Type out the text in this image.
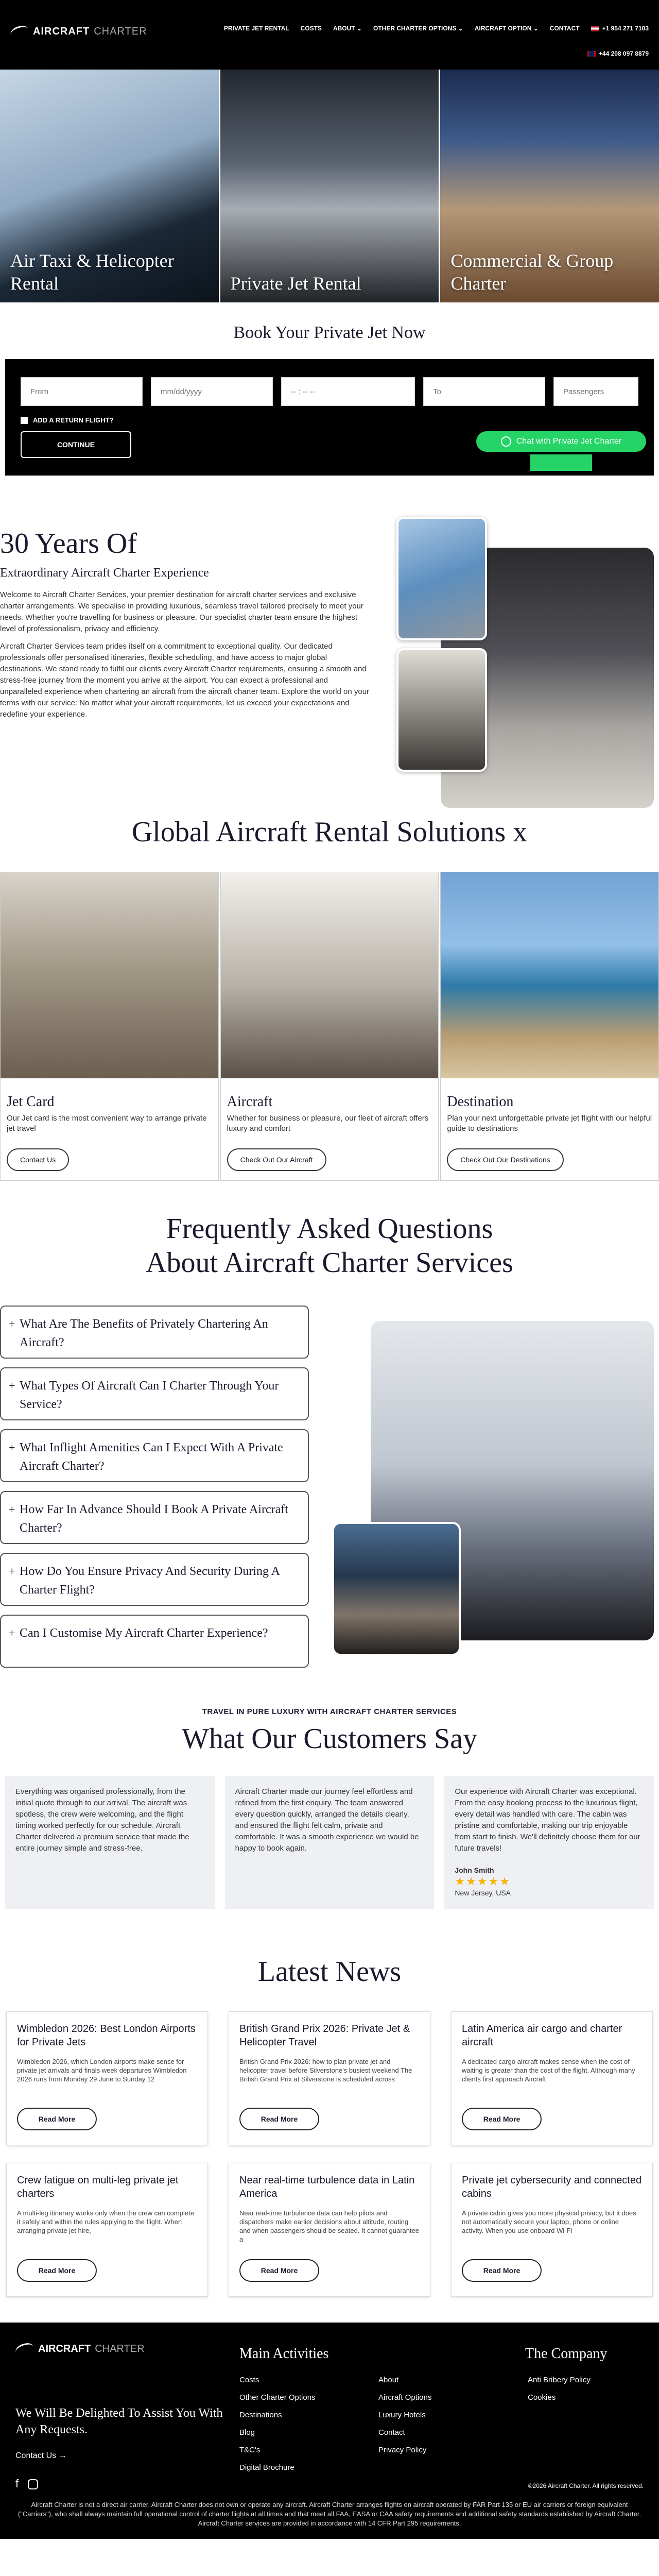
AIRCRAFT CHARTER	PRIVATE JET RENTAL COSTS ABOUT ⌄ OTHER CHARTER OPTIONS ⌄ AIRCRAFT OPTION ⌄ CONTACT	+1 954 271 7103
+44 208 097 8879
Air Taxi & Helicopter Rental	Private Jet Rental
Commercial & Group Charter
Book Your Private Jet Now
From
mm/dd/yyyy
-- : -- --
To
Passengers
ADD A RETURN FLIGHT?
CONTINUE	Chat with Private Jet Charter
30 Years Of
Extraordinary Aircraft Charter Experience

Welcome to Aircraft Charter Services, your premier destination for aircraft charter services and exclusive charter arrangements. We specialise in providing luxurious, seamless travel tailored precisely to meet your needs. Whether you're travelling for business or pleasure. Our specialist charter team ensure the highest level of professionalism, privacy and efficiency.

Aircraft Charter Services team prides itself on a commitment to exceptional quality. Our dedicated professionals offer personalised itineraries, flexible scheduling, and have access to major global destinations. We stand ready to fulfil our clients every Aircraft Charter requirements, ensuring a smooth and stress-free journey from the moment you arrive at the airport. You can expect a professional and unparalleled experience when chartering an aircraft from the aircraft charter team. Explore the world on your terms with our service: No matter what your aircraft requirements, let us exceed your expectations and redefine your experience.

Global Aircraft Rental Solutions x
Jet Card

Our Jet card is the most convenient way to arrange private jet travel

Contact Us
Aircraft

Whether for business or pleasure, our fleet of aircraft offers luxury and comfort

Check Out Our Aircraft
Destination

Plan your next unforgettable private jet flight with our helpful guide to destinations

Check Out Our Destinations
Frequently Asked Questions About Aircraft Charter Services
+ What Are The Benefits of Privately Chartering An Aircraft?
+ What Types Of Aircraft Can I Charter Through Your Service?
+ What Inflight Amenities Can I Expect With A Private Aircraft Charter?
+ How Far In Advance Should I Book A Private Aircraft Charter?
+ How Do You Ensure Privacy And Security During A Charter Flight?
+ Can I Customise My Aircraft Charter Experience?
TRAVEL IN PURE LUXURY WITH AIRCRAFT CHARTER SERVICES
What Our Customers Say
Everything was organised professionally, from the initial quote through to our arrival. The aircraft was spotless, the crew were welcoming, and the flight timing worked perfectly for our schedule. Aircraft Charter delivered a premium service that made the entire journey simple and stress-free.
Aircraft Charter made our journey feel effortless and refined from the first enquiry. The team answered every question quickly, arranged the details clearly, and ensured the flight felt calm, private and comfortable. It was a smooth experience we would be happy to book again.
Our experience with Aircraft Charter was exceptional. From the easy booking process to the luxurious flight, every detail was handled with care. The cabin was pristine and comfortable, making our trip enjoyable from start to finish. We'll definitely choose them for our future travels!
John Smith
★★★★★
New Jersey, USA
Latest News
Wimbledon 2026: Best London Airports for Private Jets

Wimbledon 2026, which London airports make sense for private jet arrivals and finals week departures Wimbledon 2026 runs from Monday 29 June to Sunday 12

Read More
British Grand Prix 2026: Private Jet & Helicopter Travel

British Grand Prix 2026: how to plan private jet and helicopter travel before Silverstone's busiest weekend The British Grand Prix at Silverstone is scheduled across

Read More
Latin America air cargo and charter aircraft

A dedicated cargo aircraft makes sense when the cost of waiting is greater than the cost of the flight. Although many clients first approach Aircraft

Read More
Crew fatigue on multi-leg private jet charters

A multi-leg itinerary works only when the crew can complete it safely and within the rules applying to the flight. When arranging private jet hire,

Read More
Near real-time turbulence data in Latin America

Near real-time turbulence data can help pilots and dispatchers make earlier decisions about altitude, routing and when passengers should be seated. It cannot guarantee a

Read More
Private jet cybersecurity and connected cabins

A private cabin gives you more physical privacy, but it does not automatically secure your laptop, phone or online activity. When you use onboard Wi-Fi

Read More
AIRCRAFT CHARTER
We Will Be Delighted To Assist You With Any Requests.
Contact Us →
f
Main Activities
Costs
Other Charter Options
Destinations
Blog
T&C's
Digital Brochure
About
Aircraft Options
Luxury Hotels
Contact
Privacy Policy
The Company
Anti Bribery Policy
Cookies
©2026 Aircraft Charter. All rights reserved.
Aircraft Charter is not a direct air carrier. Aircraft Charter does not own or operate any aircraft. Aircraft Charter arranges flights on aircraft operated by FAR Part 135 or EU air carriers or foreign equivalent ("Carriers"), who shall always maintain full operational control of charter flights at all times and that meet all FAA, EASA or CAA safety requirements and additional safety standards established by Aircraft Charter. Aircraft Charter services are provided in accordance with 14 CFR Part 295 requirements.
